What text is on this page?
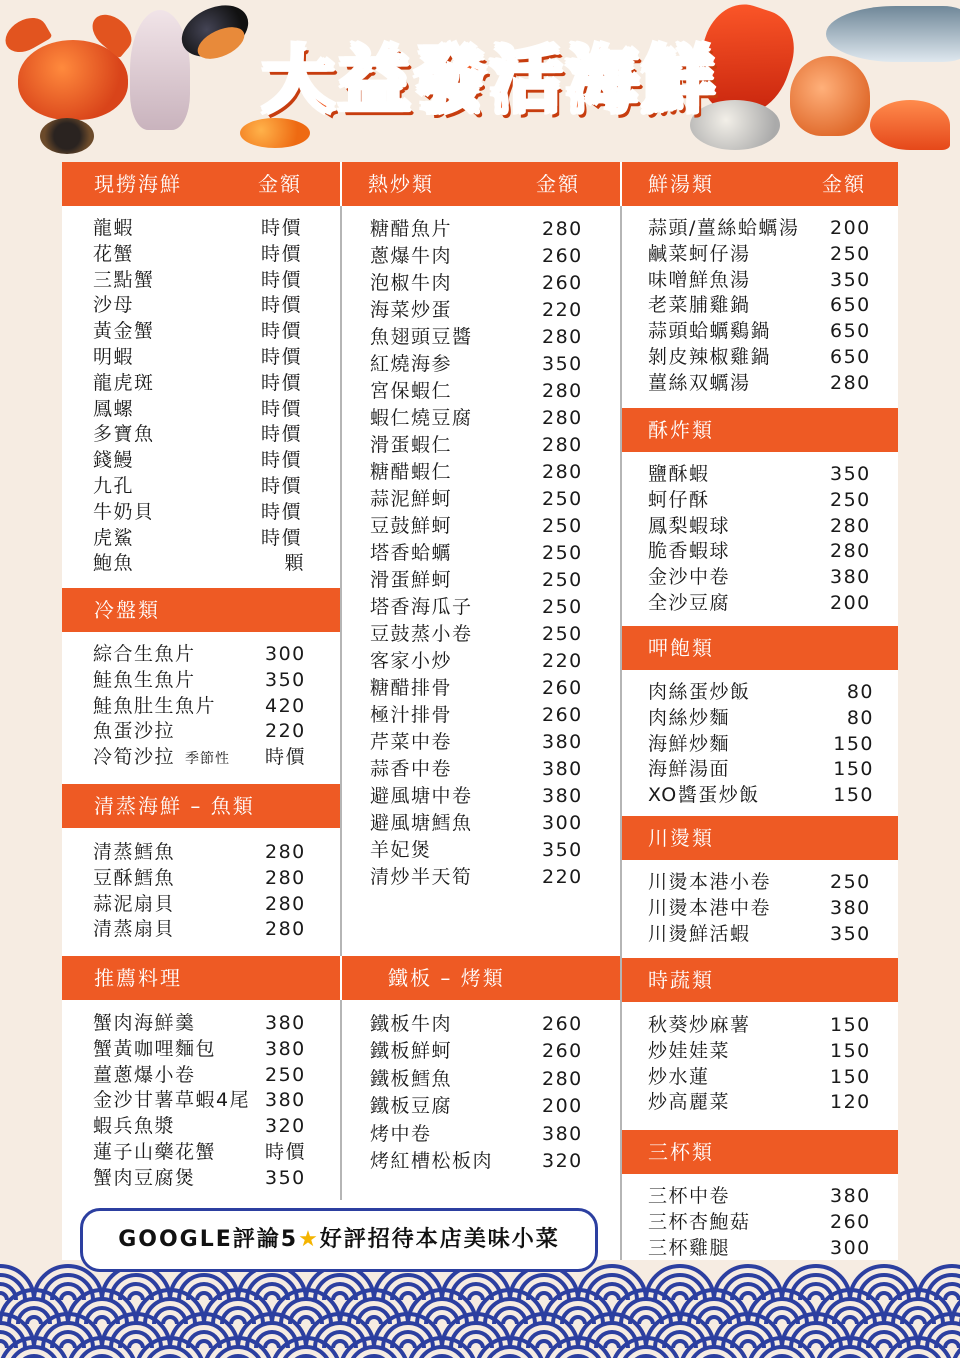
大益發活海鮮
現撈海鮮	金額
龍蝦	時價
花蟹	時價
三點蟹	時價
沙母	時價
黃金蟹	時價
明蝦	時價
龍虎斑	時價
鳳螺	時價
多寶魚	時價
錢鰻	時價
九孔	時價
牛奶貝	時價
虎鯊	時價
鮑魚	顆
冷盤類
綜合生魚片	300
鮭魚生魚片	350
鮭魚肚生魚片	420
魚蛋沙拉	220
冷筍沙拉 季節性 時價
清蒸海鮮 – 魚類
清蒸鱈魚	280
豆酥鱈魚	280
蒜泥扇貝	280
清蒸扇貝	280
熱炒類	金額
糖醋魚片	280
蔥爆牛肉	260
泡椒牛肉	260
海菜炒蛋	220
魚翅頭豆醬	280
紅燒海参	350
宮保蝦仁	280
蝦仁燒豆腐	280
滑蛋蝦仁	280
糖醋蝦仁	280
蒜泥鮮蚵	250
豆鼓鮮蚵	250
塔香蛤蠣	250
滑蛋鮮蚵	250
塔香海瓜子	250
豆鼓蒸小卷	250
客家小炒	220
糖醋排骨	260
極汁排骨	260
芹菜中卷	380
蒜香中卷	380
避風塘中卷	380
避風塘鱈魚	300
羊妃煲	350
清炒半天筍	220
鮮湯類	金額
蒜頭/薑絲蛤蠣湯 200
鹹菜蚵仔湯	250
味噌鮮魚湯	350
老菜脯雞鍋	650
蒜頭蛤蠣鷄鍋	650
剝皮辣椒雞鍋	650
薑絲双蠣湯	280
酥炸類
鹽酥蝦	350
蚵仔酥	250
鳳梨蝦球	280
脆香蝦球	280
金沙中卷	380
全沙豆腐	200
呷飽類
肉絲蛋炒飯	80
肉絲炒麵	80
海鮮炒麵	150
海鮮湯面	150
XO醬蛋炒飯	150
川燙類
川燙本港小卷	250
川燙本港中卷	380
川燙鮮活蝦	350
推薦料理
蟹肉海鮮羹	380
蟹黃咖哩麵包	380
薑蔥爆小卷	250
金沙甘薯草蝦4尾 380
蝦兵魚漿	320
蓮子山藥花蟹	時價
蟹肉豆腐煲	350
鐵板 – 烤類
鐵板牛肉	260
鐵板鮮蚵	260
鐵板鱈魚	280
鐵板豆腐	200
烤中卷	380
烤紅槽松板肉	320
時蔬類
秋葵炒麻薯	150
炒娃娃菜	150
炒水蓮	150
炒高麗菜	120
三杯類
三杯中卷	380
三杯杏鮑菇	260
三杯雞腿	300
GOOGLE評論5★好評招待本店美味小菜
